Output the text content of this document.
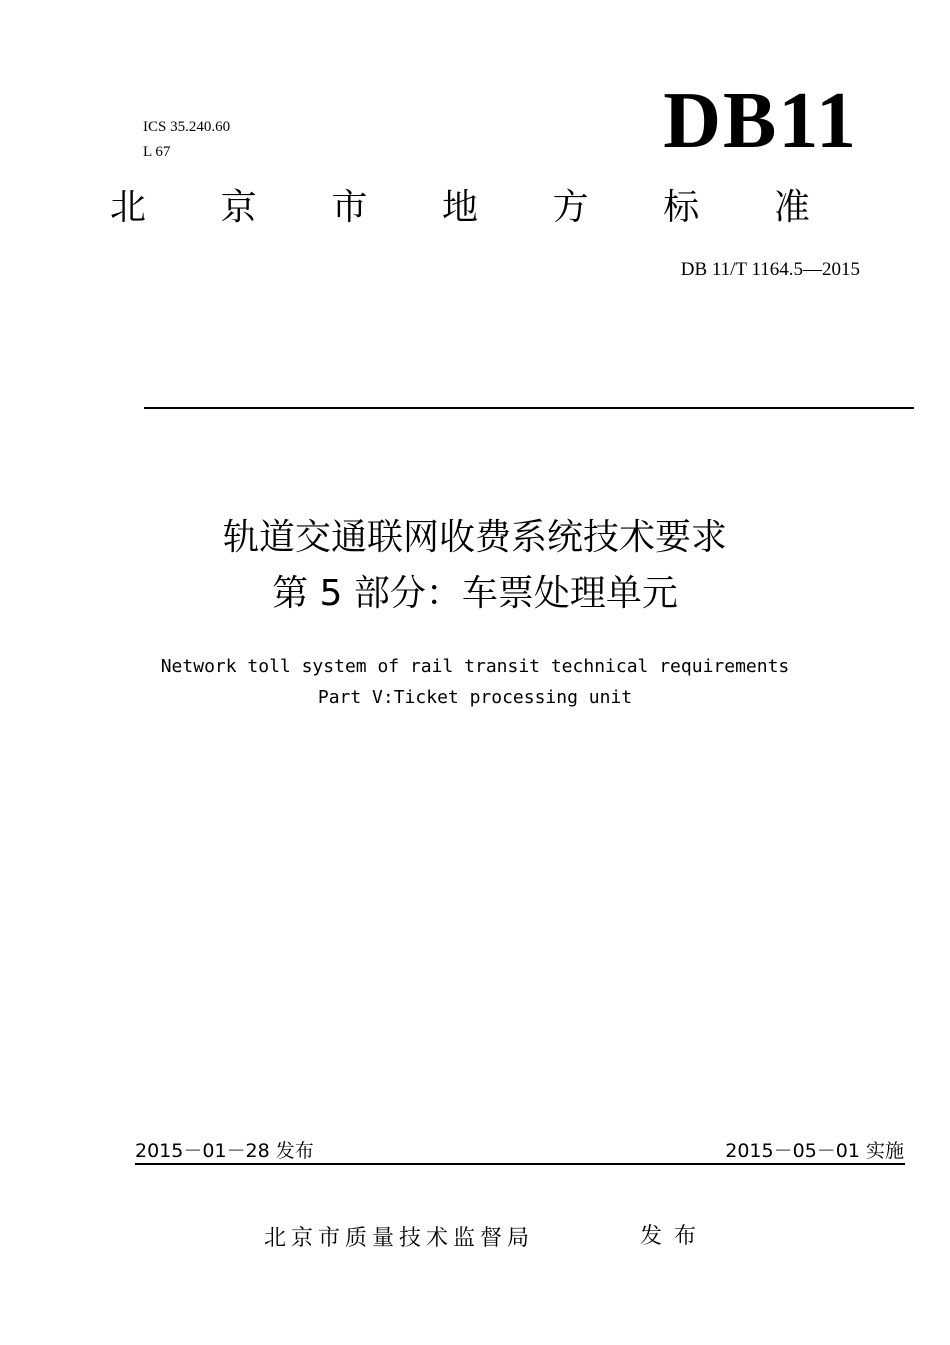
ICS 35.240.60
L 67	DB11
北 京 市 地 方 标 准
DB 11/T 1164.5—2015
轨道交通联网收费系统技术要求
第 5 部分：车票处理单元
Network toll system of rail transit technical requirements
Part V:Ticket processing unit
2015－01－28 发布	2015－05－01 实施
北京市质量技术监督局	发布
